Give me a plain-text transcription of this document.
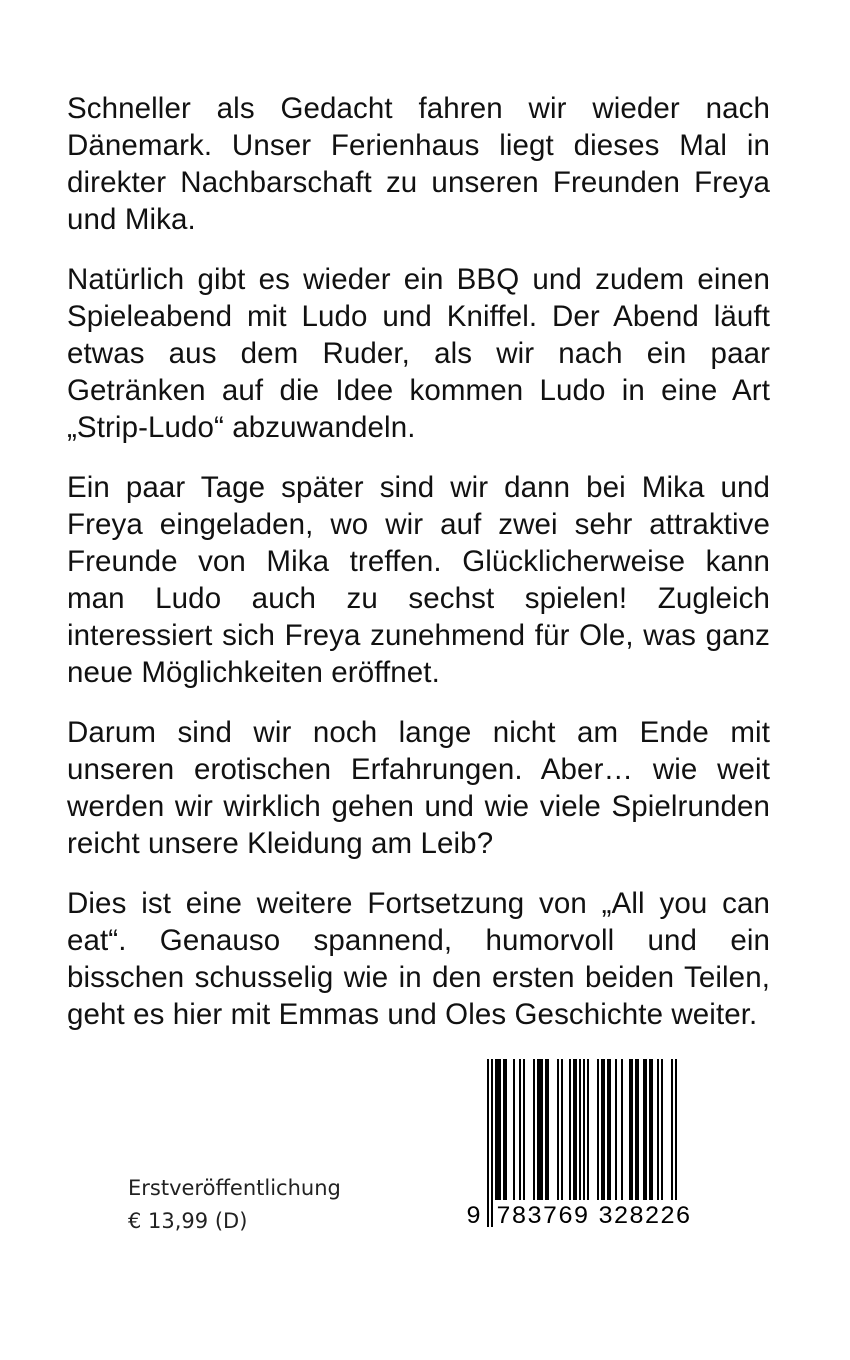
Schneller als Gedacht fahren wir wieder nach Dänemark. Unser Ferienhaus liegt dieses Mal in direkter Nachbarschaft zu unseren Freunden Freya und Mika.

Natürlich gibt es wieder ein BBQ und zudem einen Spieleabend mit Ludo und Kniffel. Der Abend läuft etwas aus dem Ruder, als wir nach ein paar Getränken auf die Idee kommen Ludo in eine Art „Strip-Ludo“ abzuwandeln.

Ein paar Tage später sind wir dann bei Mika und Freya eingeladen, wo wir auf zwei sehr attraktive Freunde von Mika treffen. Glücklicherweise kann man Ludo auch zu sechst spielen! Zugleich interessiert sich Freya zunehmend für Ole, was ganz neue Möglichkeiten eröffnet.

Darum sind wir noch lange nicht am Ende mit unseren erotischen Erfahrungen. Aber… wie weit werden wir wirklich gehen und wie viele Spielrunden reicht unsere Kleidung am Leib?

Dies ist eine weitere Fortsetzung von „All you can eat“. Genauso spannend, humorvoll und ein bisschen schusselig wie in den ersten beiden Teilen, geht es hier mit Emmas und Oles Geschichte weiter.

Erstveröffentlichung
€ 13,99 (D)	9 783769 328226
